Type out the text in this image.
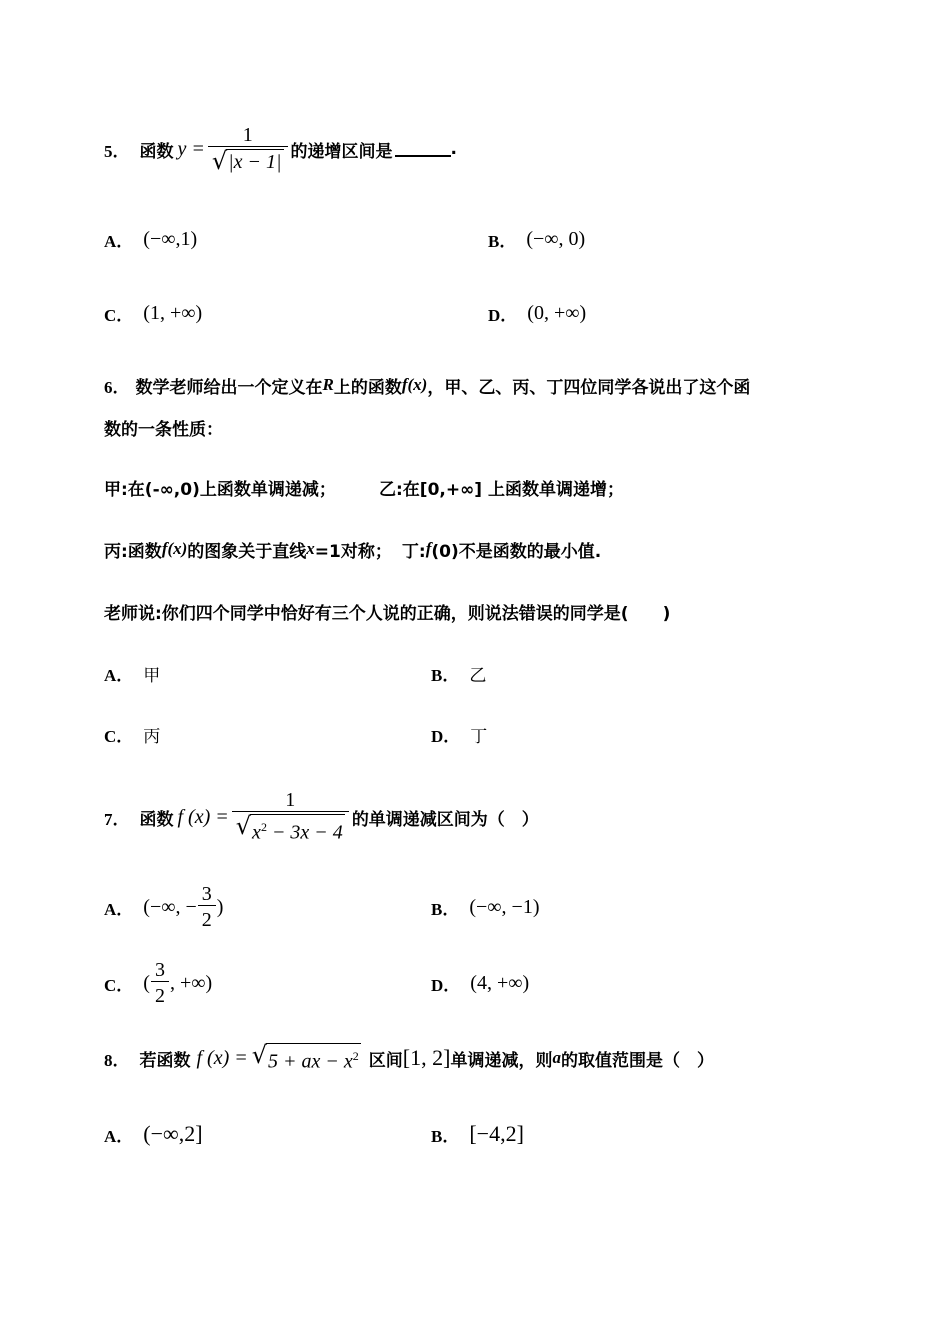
5． 函数 $y = \frac{1}{√ |x - 1|}$ 的递增区间是	.
A． (−∞,1)	B． (−∞, 0)
C． (1, +∞)	D． (0, +∞)
6． 数学老师给出一个定义在 R 上的函数 f(x) ，甲、乙、丙、丁四位同学各说出了这个函
数的一条性质：
甲:在(-∞,0)上函数单调递减；	乙:在[0,+∞] 上函数单调递增；
丙:函数 f(x) 的图象关于直线 x =1对称； 丁: f (0)不是函数的最小值.
老师说:你们四个同学中恰好有三个人说的正确，则说法错误的同学是(　　)
A． 甲	B． 乙
C． 丙	D． 丁
7． 函数 f $(x) = \frac{1}{√ x^2 - 3x - 4}$ 的单调递减区间为（　）
A． (−∞, − $\frac{3}{2}$ )	B． (−∞, −1)
C． ( $\frac{3}{2}$ , +∞)	D． (4, +∞)
8． 若函数 f (x) = √ 5 + ax − $x^2$ 区间 [1, 2] 单调递减，则 a 的取值范围是（　）
A． (−∞,2]	B． [−4,2]
